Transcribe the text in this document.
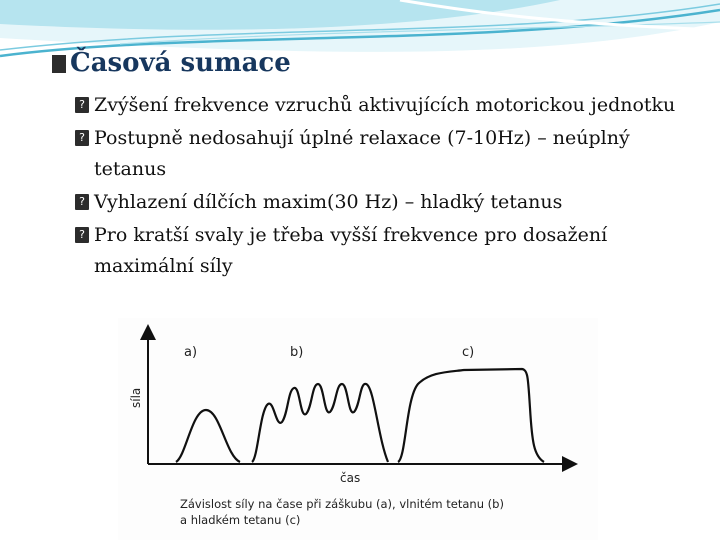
Časová sumace
? Zvýšení frekvence vzruchů aktivujících motorickou jednotku
? Postupně nedosahují úplné relaxace (7-10Hz) – neúplný tetanus
? Vyhlazení dílčích maxim(30 Hz) – hladký tetanus
? Pro kratší svaly je třeba vyšší frekvence pro dosažení maximální síly
síla
čas
a)	b)	c)
Závislost síly na čase při záškubu (a), vlnitém tetanu (b)
a hladkém tetanu (c)
